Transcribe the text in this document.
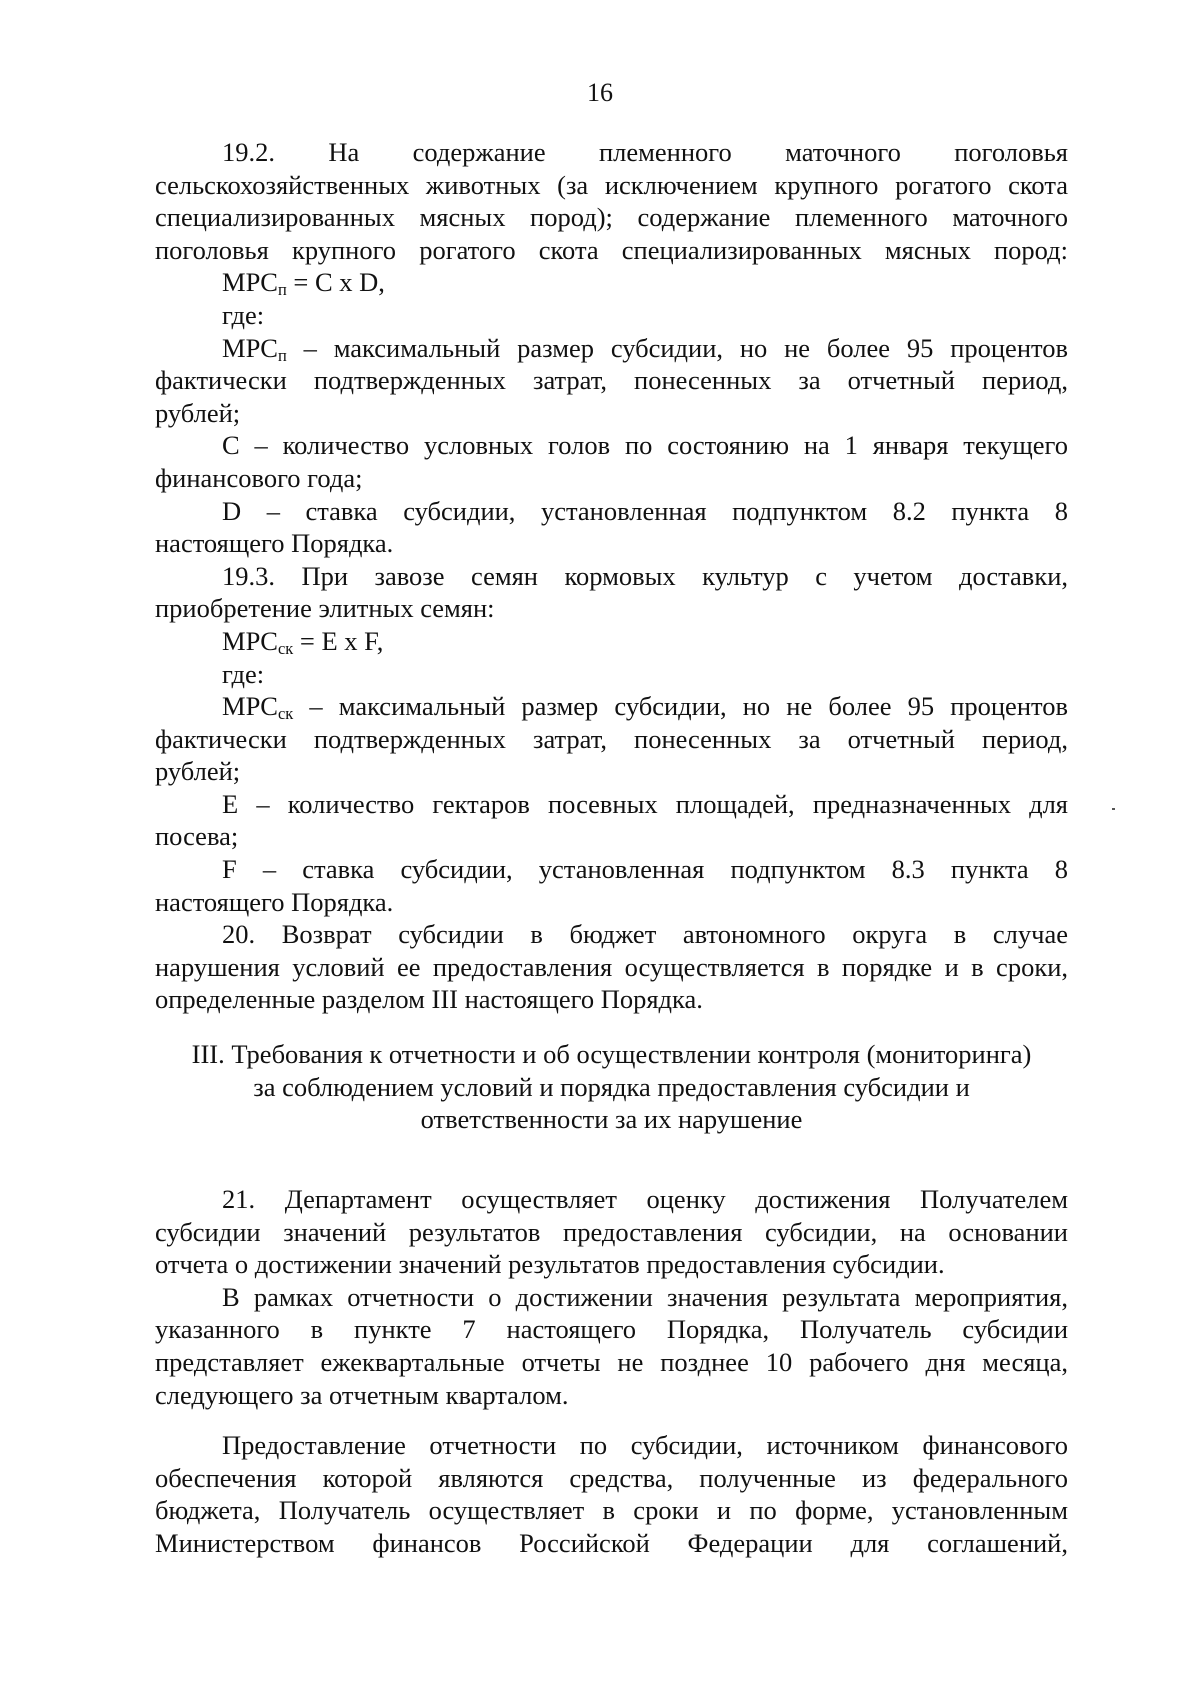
16
19.2. На содержание племенного маточного поголовья
сельскохозяйственных животных (за исключением крупного рогатого скота
специализированных мясных пород); содержание племенного маточного
поголовья крупного рогатого скота специализированных мясных пород:
$MPC_п = C$ x D,
где:
$MPC_п$ – максимальный размер субсидии, но не более 95 процентов
фактически подтвержденных затрат, понесенных за отчетный период,
рублей;
C – количество условных голов по состоянию на 1 января текущего
финансового года;
D – ставка субсидии, установленная подпунктом 8.2 пункта 8
настоящего Порядка.
19.3. При завозе семян кормовых культур с учетом доставки,
приобретение элитных семян:
$MPC_{ск} = E$ x F,
где:
$MPC_{ск}$ – максимальный размер субсидии, но не более 95 процентов
фактически подтвержденных затрат, понесенных за отчетный период,
рублей;
E – количество гектаров посевных площадей, предназначенных для
посева;
F – ставка субсидии, установленная подпунктом 8.3 пункта 8
настоящего Порядка.
20. Возврат субсидии в бюджет автономного округа в случае
нарушения условий ее предоставления осуществляется в порядке и в сроки,
определенные разделом III настоящего Порядка.
III. Требования к отчетности и об осуществлении контроля (мониторинга)
за соблюдением условий и порядка предоставления субсидии и
ответственности за их нарушение
21. Департамент осуществляет оценку достижения Получателем
субсидии значений результатов предоставления субсидии, на основании
отчета о достижении значений результатов предоставления субсидии.
В рамках отчетности о достижении значения результата мероприятия,
указанного в пункте 7 настоящего Порядка, Получатель субсидии
представляет ежеквартальные отчеты не позднее 10 рабочего дня месяца,
следующего за отчетным кварталом.
Предоставление отчетности по субсидии, источником финансового
обеспечения которой являются средства, полученные из федерального
бюджета, Получатель осуществляет в сроки и по форме, установленным
Министерством финансов Российской Федерации для соглашений,
